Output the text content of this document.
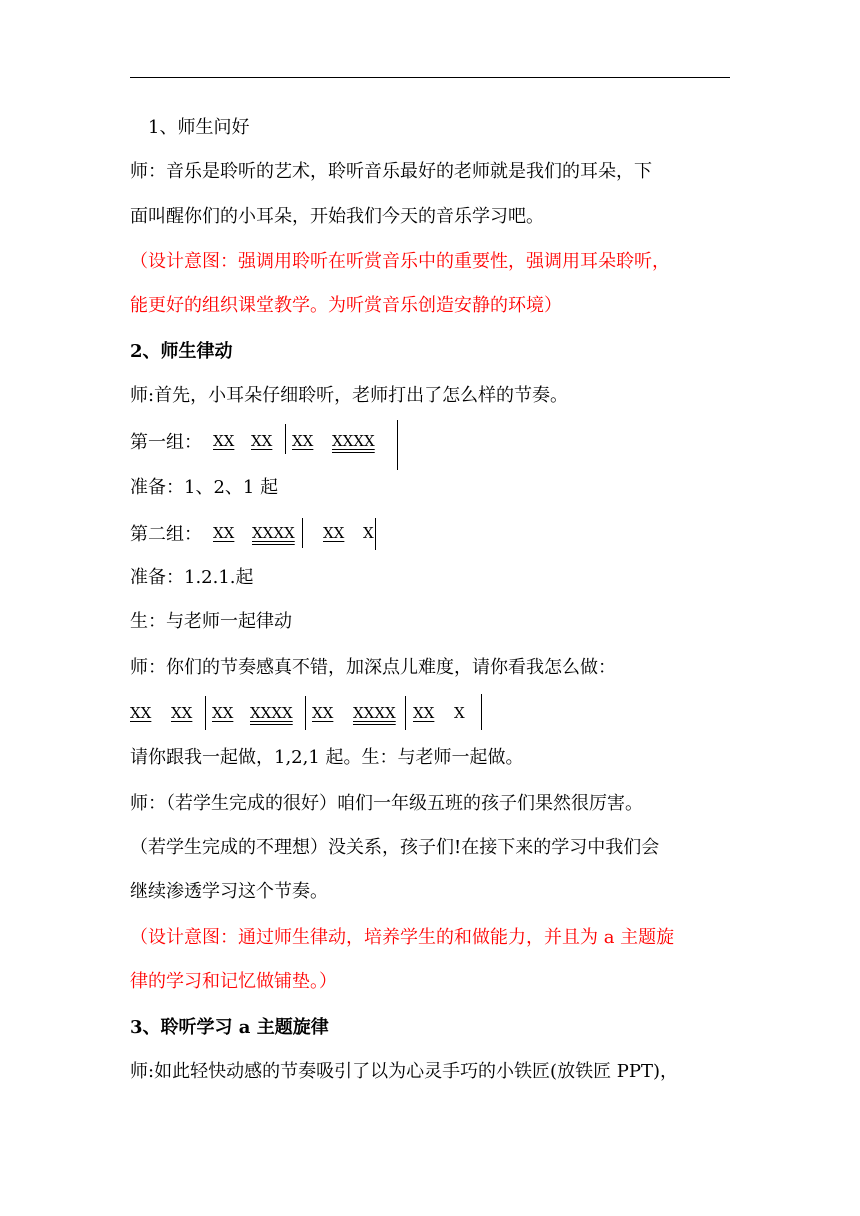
1、师生问好
师：音乐是聆听的艺术，聆听音乐最好的老师就是我们的耳朵，下
面叫醒你们的小耳朵，开始我们今天的音乐学习吧。
（设计意图：强调用聆听在听赏音乐中的重要性，强调用耳朵聆听，
能更好的组织课堂教学。为听赏音乐创造安静的环境）
2、师生律动
师:首先，小耳朵仔细聆听，老师打出了怎么样的节奏。
第一组： XX XX XX XXXX
准备：1、2、1 起
第二组： XX XXXX XX X
准备：1.2.1.起
生：与老师一起律动
师：你们的节奏感真不错，加深点儿难度，请你看我怎么做：
XX XX XX XXXX XX XXXX XX X
请你跟我一起做，1,2,1 起。生：与老师一起做。
师：（若学生完成的很好）咱们一年级五班的孩子们果然很厉害。
（若学生完成的不理想）没关系，孩子们!在接下来的学习中我们会
继续渗透学习这个节奏。
（设计意图：通过师生律动，培养学生的和做能力，并且为 a 主题旋
律的学习和记忆做铺垫。）
3、聆听学习 a 主题旋律
师:如此轻快动感的节奏吸引了以为心灵手巧的小铁匠(放铁匠 PPT)，
